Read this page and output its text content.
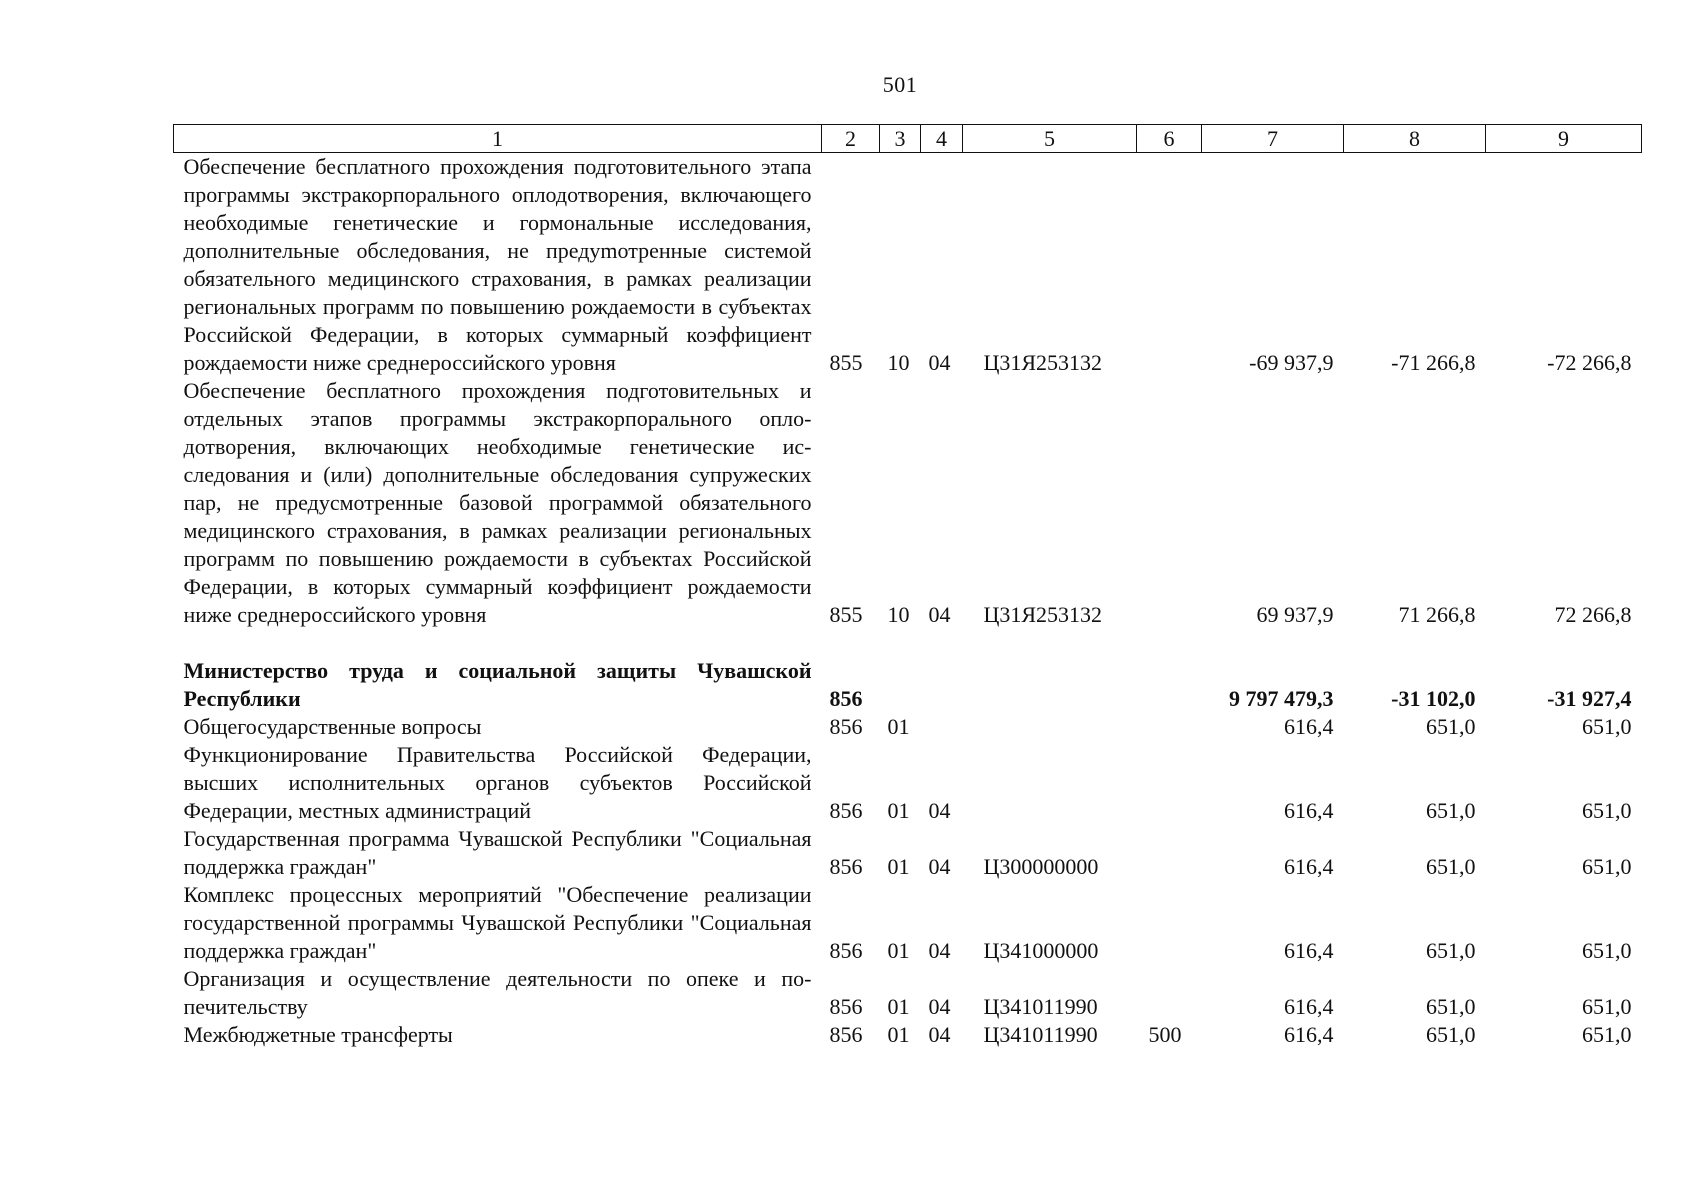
501
1	2	3	4	5	6	7	8	9
Обеспечение бесплатного прохождения подготовительного этапа программы экстракорпорального оплодотворения, включающего необходимые генетические и гормональные исследования, дополнительные обследования, не предуmотренные системой обязательного медицинского страхования, в рамках реализации региональных программ по повышению рождаемости в субъектах Российской Федерации, в которых суммарный коэффициент рождаемости ниже среднероссийского уровня	855	10	04	Ц31Я253132		-69 937,9	-71 266,8	-72 266,8
Обеспечение бесплатного прохождения подготовительных и отдельных этапов программы экстракорпорального оплодотворения, включающих необходимые генетические исследования и (или) дополнительные обследования супружеских пар, не предусмотренные базовой программой обязательного медицинского страхования, в рамках реализации региональных программ по повышению рождаемости в субъектах Российской Федерации, в которых суммарный коэффициент рождаемости ниже среднероссийского уровня	855	10	04	Ц31Я253132		69 937,9	71 266,8	72 266,8
Министерство труда и социальной защиты Чувашской Республики	856					9 797 479,3	-31 102,0	-31 927,4
Общегосударственные вопросы	856	01				616,4	651,0	651,0
Функционирование Правительства Российской Федерации, высших исполнительных органов субъектов Российской Федерации, местных администраций	856	01	04			616,4	651,0	651,0
Государственная программа Чувашской Республики "Социальная поддержка граждан"	856	01	04	Ц300000000		616,4	651,0	651,0
Комплекс процессных мероприятий "Обеспечение реализации государственной программы Чувашской Республики "Социальная поддержка граждан"	856	01	04	Ц341000000		616,4	651,0	651,0
Организация и осуществление деятельности по опеке и попечительству	856	01	04	Ц341011990		616,4	651,0	651,0
Межбюджетные трансферты	856	01	04	Ц341011990	500	616,4	651,0	651,0
